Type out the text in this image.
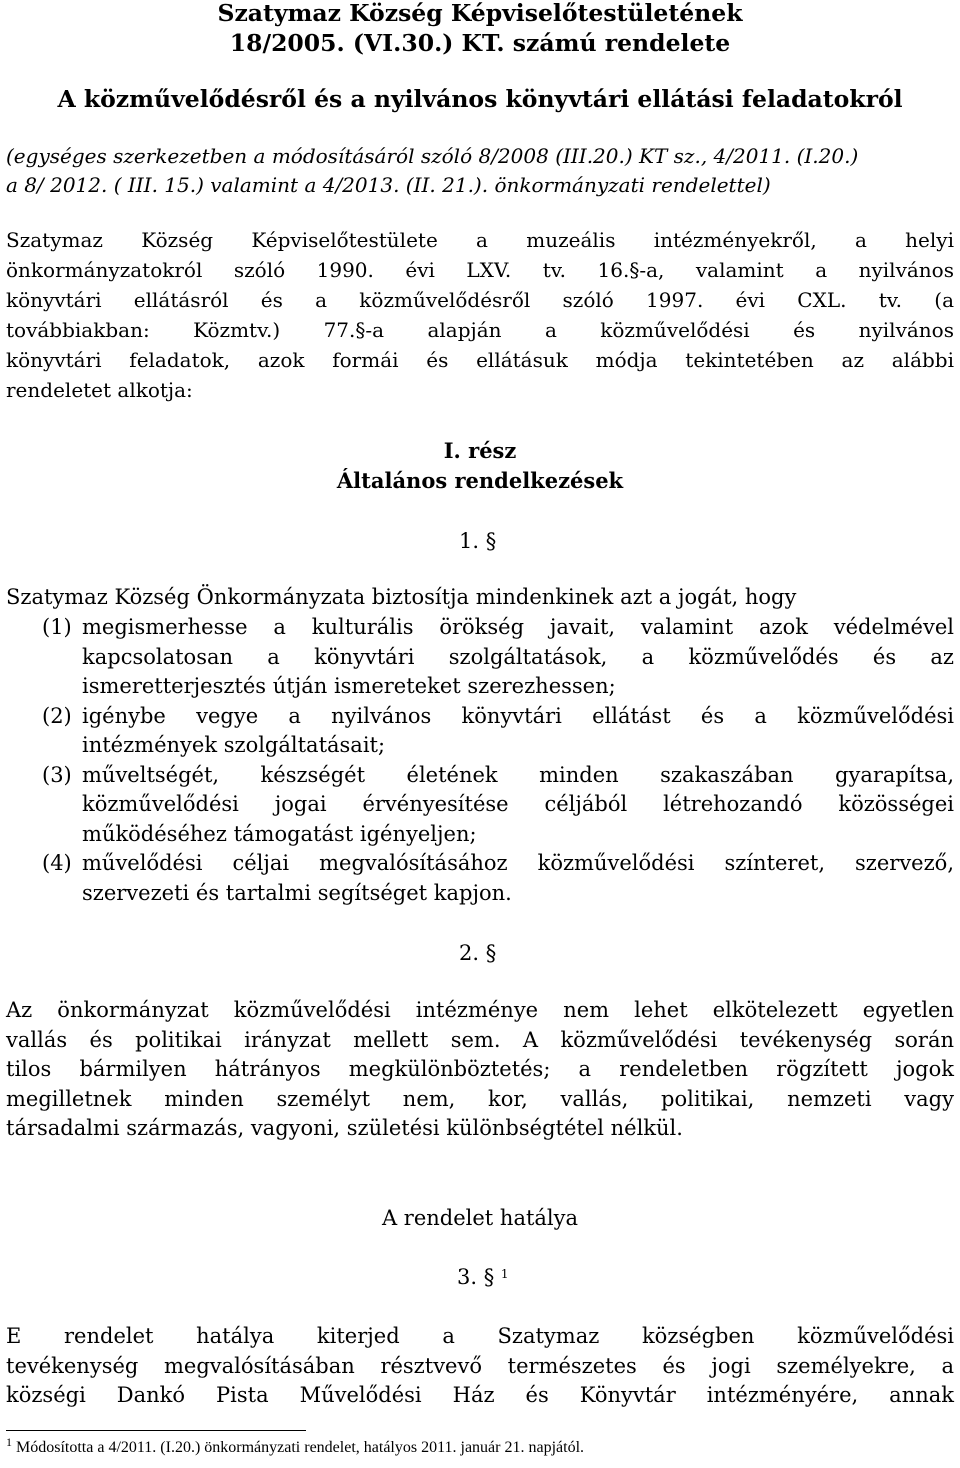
Szatymaz Község Képviselőtestületének
18/2005. (VI.30.) KT. számú rendelete
A közművelődésről és a nyilvános könyvtári ellátási feladatokról
(egységes szerkezetben a módosításáról szóló 8/2008 (III.20.) KT sz., 4/2011. (I.20.)
a 8/ 2012. ( III. 15.) valamint a 4/2013. (II. 21.). önkormányzati rendelettel)
Szatymaz Község Képviselőtestülete a muzeális intézményekről, a helyi
önkormányzatokról szóló 1990. évi LXV. tv. 16.§-a, valamint a nyilvános
könyvtári ellátásról és a közművelődésről szóló 1997. évi CXL. tv. (a
továbbiakban: Közmtv.) 77.§-a alapján a közművelődési és nyilvános
könyvtári feladatok, azok formái és ellátásuk módja tekintetében az alábbi
rendeletet alkotja:
I. rész
Általános rendelkezések
1. §
Szatymaz Község Önkormányzata biztosítja mindenkinek azt a jogát, hogy
(1) megismerhesse a kulturális örökség javait, valamint azok védelmével
kapcsolatosan a könyvtári szolgáltatások, a közművelődés és az
ismeretterjesztés útján ismereteket szerezhessen;
(2) igénybe vegye a nyilvános könyvtári ellátást és a közművelődési
intézmények szolgáltatásait;
(3) műveltségét, készségét életének minden szakaszában gyarapítsa,
közművelődési jogai érvényesítése céljából létrehozandó közösségei
működéséhez támogatást igényeljen;
(4) művelődési céljai megvalósításához közművelődési színteret, szervező,
szervezeti és tartalmi segítséget kapjon.
2. §
Az önkormányzat közművelődési intézménye nem lehet elkötelezett egyetlen
vallás és politikai irányzat mellett sem. A közművelődési tevékenység során
tilos bármilyen hátrányos megkülönböztetés; a rendeletben rögzített jogok
megilletnek minden személyt nem, kor, vallás, politikai, nemzeti vagy
társadalmi származás, vagyoni, születési különbségtétel nélkül.
A rendelet hatálya
3. § $^1$
E rendelet hatálya kiterjed a Szatymaz községben közművelődési
tevékenység megvalósításában résztvevő természetes és jogi személyekre, a
községi Dankó Pista Művelődési Ház és Könyvtár intézményére, annak
$^1$ Módosította a 4/2011. (I.20.) önkormányzati rendelet, hatályos 2011. január 21. napjától.
